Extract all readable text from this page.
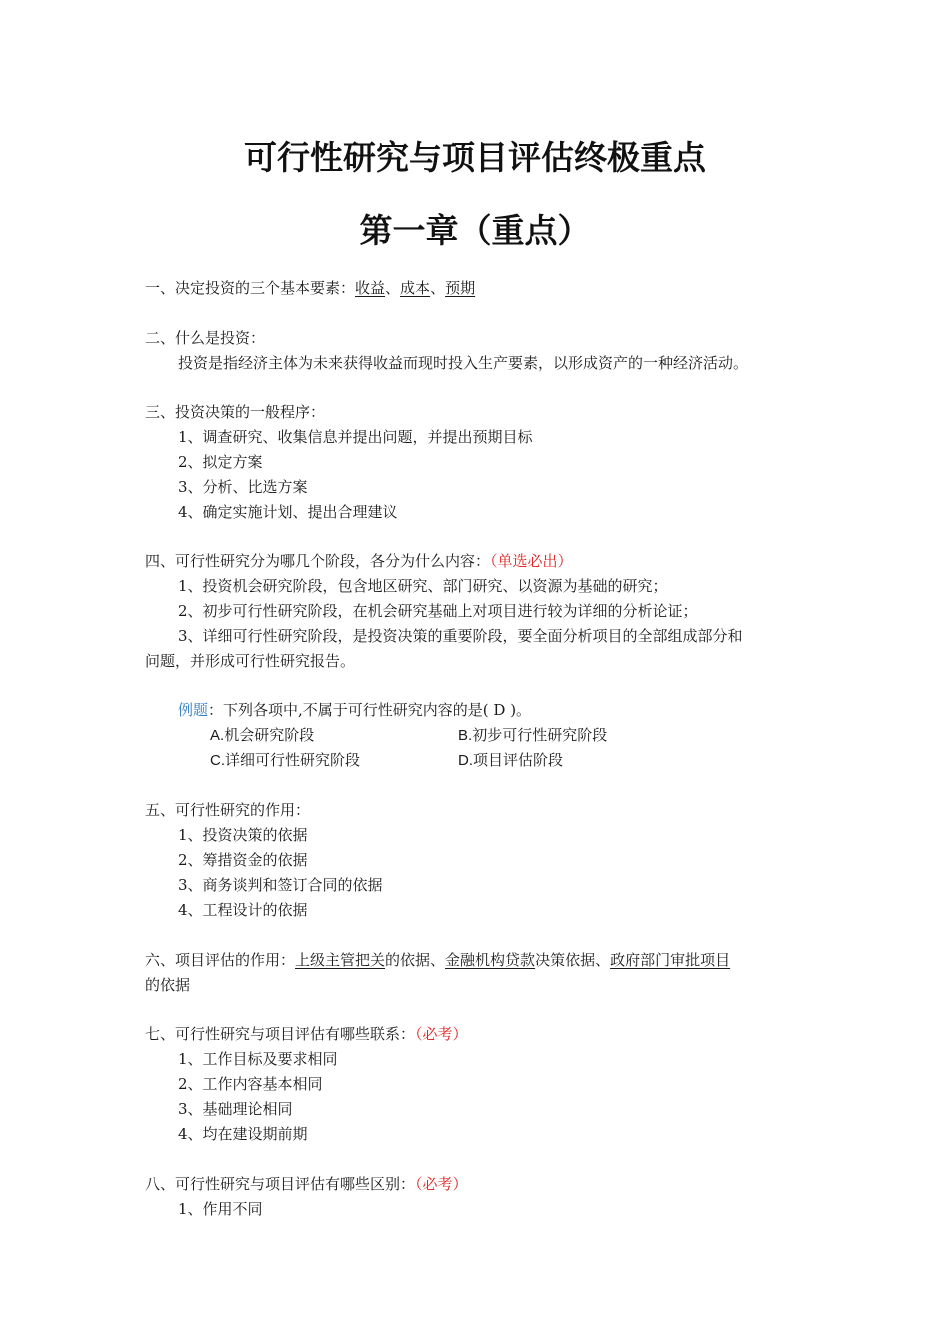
可行性研究与项目评估终极重点
第一章（重点）
一、决定投资的三个基本要素：收益、成本、预期
二、什么是投资：
投资是指经济主体为未来获得收益而现时投入生产要素，以形成资产的一种经济活动。
三、投资决策的一般程序：
1、调查研究、收集信息并提出问题，并提出预期目标
2、拟定方案
3、分析、比选方案
4、确定实施计划、提出合理建议
四、可行性研究分为哪几个阶段，各分为什么内容：（单选必出）
1、投资机会研究阶段，包含地区研究、部门研究、以资源为基础的研究；
2、初步可行性研究阶段，在机会研究基础上对项目进行较为详细的分析论证；
3、详细可行性研究阶段，是投资决策的重要阶段，要全面分析项目的全部组成部分和
问题，并形成可行性研究报告。
例题：下列各项中,不属于可行性研究内容的是( D )。
A.机会研究阶段	B.初步可行性研究阶段
C.详细可行性研究阶段	D.项目评估阶段
五、可行性研究的作用：
1、投资决策的依据
2、筹措资金的依据
3、商务谈判和签订合同的依据
4、工程设计的依据
六、项目评估的作用：上级主管把关的依据、金融机构贷款决策依据、政府部门审批项目
的依据
七、可行性研究与项目评估有哪些联系：（必考）
1、工作目标及要求相同
2、工作内容基本相同
3、基础理论相同
4、均在建设期前期
八、可行性研究与项目评估有哪些区别：（必考）
1、作用不同
